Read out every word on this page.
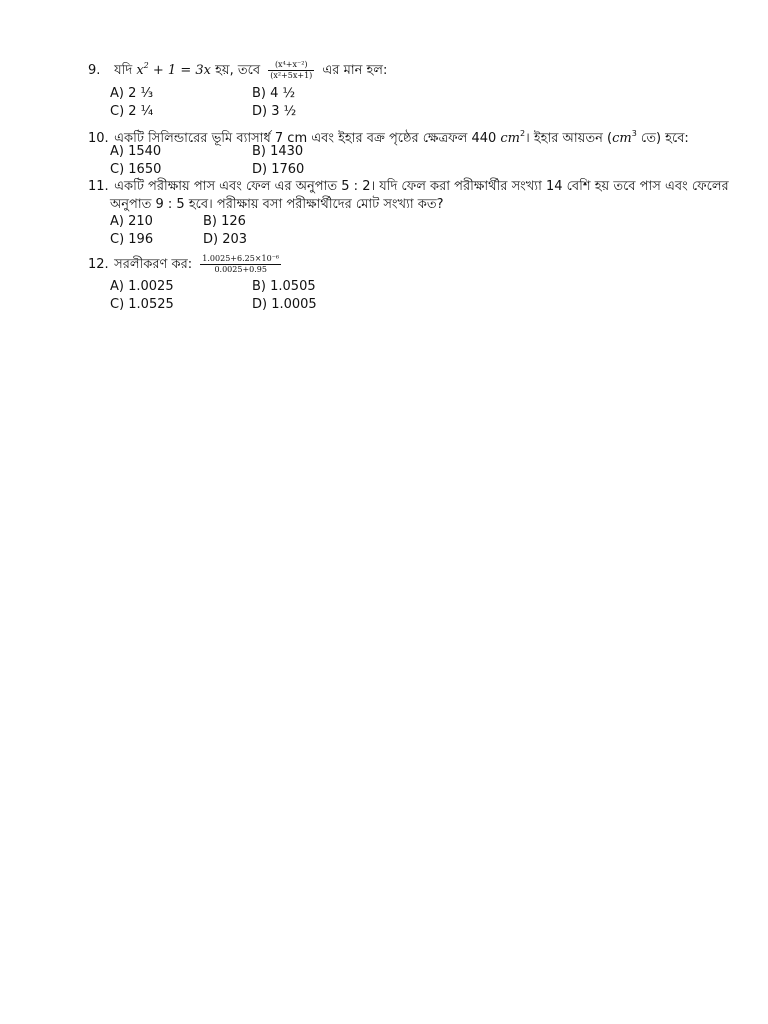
9. যদি $x^2 + 1 = 3x$ হয়, তবে $\frac{\text{(x⁴+x⁻²)}}{\text{(x²+5x+1)}}$ এর মান হল:
A) 2 ⅓	B) 4 ½
C) 2 ¼	D) 3 ½
10. একটি সিলিন্ডারের ভূমি ব্যাসার্ধ 7 cm এবং ইহার বক্র পৃষ্ঠের ক্ষেত্রফল 440 $cm^2।$ ইহার আয়তন ($cm^3$ তে) হবে:
A) 1540	B) 1430
C) 1650	D) 1760
11. একটি পরীক্ষায় পাস এবং ফেল এর অনুপাত 5 : 2। যদি ফেল করা পরীক্ষার্থীর সংখ্যা 14 বেশি হয় তবে পাস এবং ফেলের
অনুপাত 9 : 5 হবে। পরীক্ষায় বসা পরীক্ষার্থীদের মোট সংখ্যা কত?
A) 210	B) 126
C) 196	D) 203
12. সরলীকরণ কর: $\frac{\text{1.0025+6.25×10⁻⁶}}{0.0025+0.95}$
A) 1.0025	B) 1.0505
C) 1.0525	D) 1.0005
